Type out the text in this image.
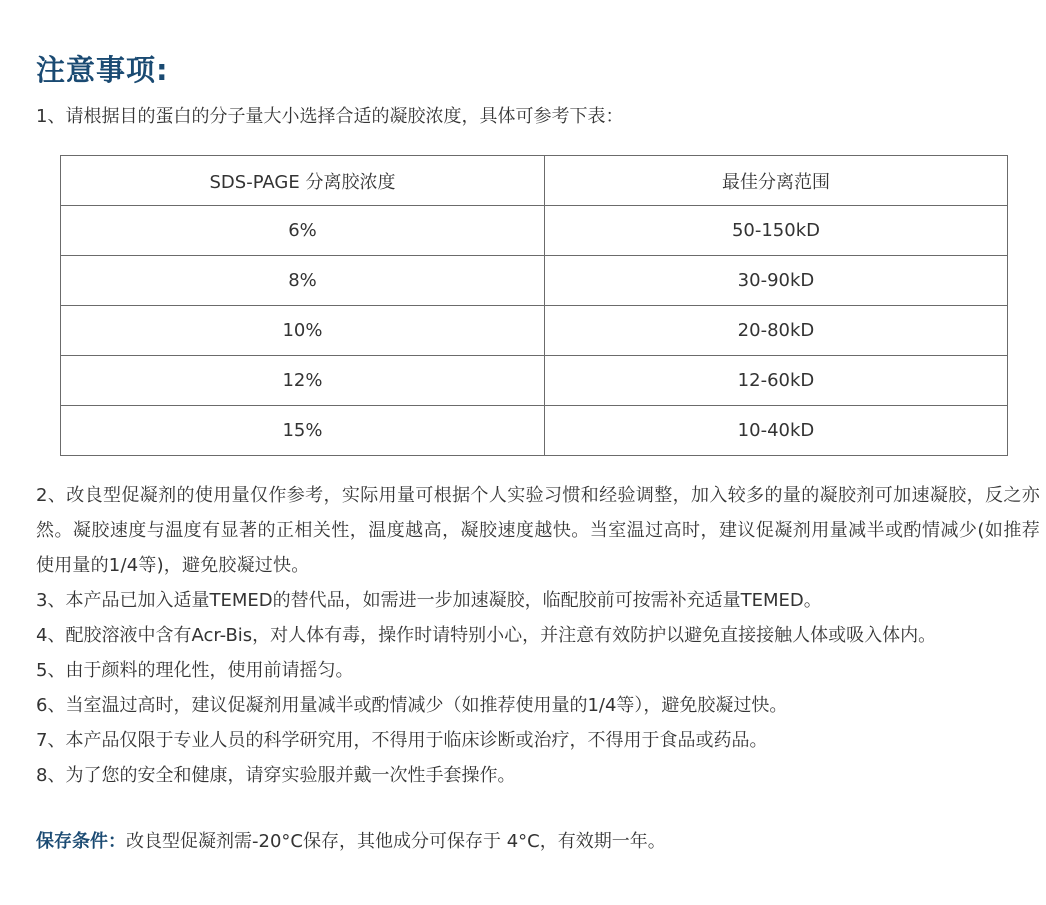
注意事项:
1、请根据目的蛋白的分子量大小选择合适的凝胶浓度，具体可参考下表：
SDS-PAGE 分离胶浓度	最佳分离范围
6%	50-150kD
8%	30-90kD
10%	20-80kD
12%	12-60kD
15%	10-40kD

2、改良型促凝剂的使用量仅作参考，实际用量可根据个人实验习惯和经验调整，加入较多的量的凝胶剂可加速凝胶，反之亦然。凝胶速度与温度有显著的正相关性，温度越高，凝胶速度越快。当室温过高时，建议促凝剂用量减半或酌情减少(如推荐使用量的1/4等)，避免胶凝过快。

3、本产品已加入适量TEMED的替代品，如需进一步加速凝胶，临配胶前可按需补充适量TEMED。

4、配胶溶液中含有Acr-Bis，对人体有毒，操作时请特别小心，并注意有效防护以避免直接接触人体或吸入体内。

5、由于颜料的理化性，使用前请摇匀。

6、当室温过高时，建议促凝剂用量减半或酌情减少（如推荐使用量的1/4等），避免胶凝过快。

7、本产品仅限于专业人员的科学研究用，不得用于临床诊断或治疗，不得用于食品或药品。

8、为了您的安全和健康，请穿实验服并戴一次性手套操作。

保存条件：改良型促凝剂需-20°C保存，其他成分可保存于 4°C，有效期一年。
